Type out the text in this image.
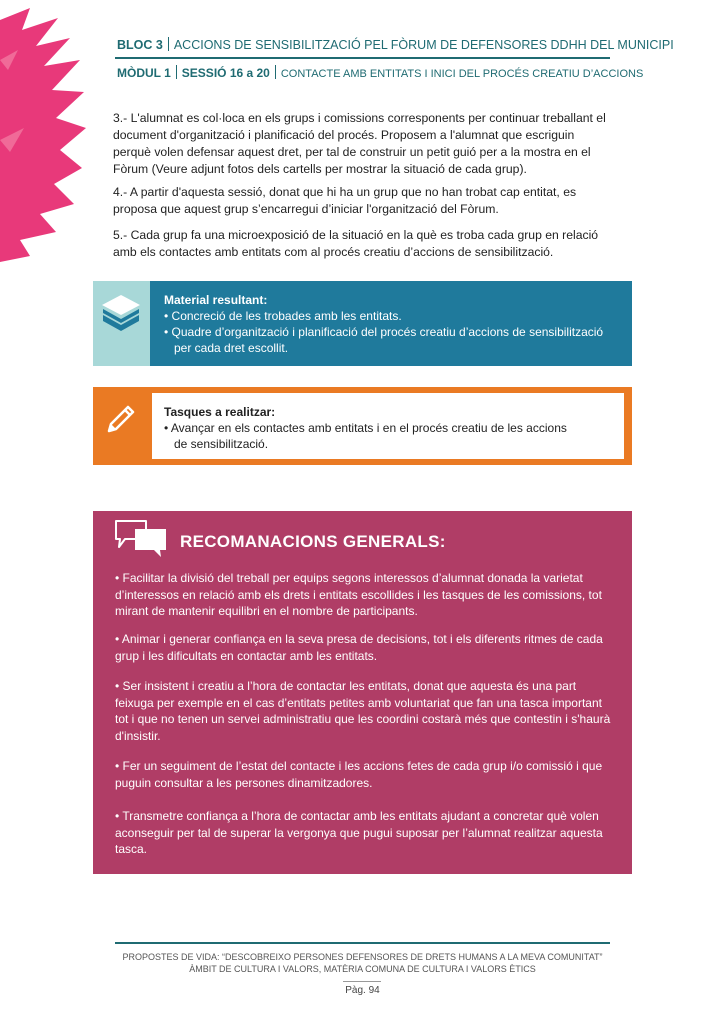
BLOC 3 ACCIONS DE SENSIBILITZACIÓ PEL FÒRUM DE DEFENSORES DDHH DEL MUNICIPI
MÒDUL 1 SESSIÓ 16 a 20 CONTACTE AMB ENTITATS I INICI DEL PROCÉS CREATIU D’ACCIONS

3.- L'alumnat es col·loca en els grups i comissions corresponents per continuar treballant el document d'organització i planificació del procés. Proposem a l'alumnat que escriguin perquè volen defensar aquest dret, per tal de construir un petit guió per a la mostra en el Fòrum (Veure adjunt fotos dels cartells per mostrar la situació de cada grup).

4.- A partir d'aquesta sessió, donat que hi ha un grup que no han trobat cap entitat, es proposa que aquest grup s’encarregui d’iniciar l'organització del Fòrum.

5.- Cada grup fa una microexposició de la situació en la què es troba cada grup en relació amb els contactes amb entitats com al procés creatiu d’accions de sensibilització.

Material resultant:
• Concreció de les trobades amb les entitats.
• Quadre d’organització i planificació del procés creatiu d’accions de sensibilització
per cada dret escollit.
Tasques a realitzar:
• Avançar en els contactes amb entitats i en el procés creatiu de les accions
de sensibilització.
RECOMANACIONS GENERALS:

• Facilitar la divisió del treball per equips segons interessos d’alumnat donada la varietat d’interessos en relació amb els drets i entitats escollides i les tasques de les comissions, tot mirant de mantenir equilibri en el nombre de participants.

• Animar i generar confiança en la seva presa de decisions, tot i els diferents ritmes de cada grup i les dificultats en contactar amb les entitats.

• Ser insistent i creatiu a l’hora de contactar les entitats, donat que aquesta és una part feixuga per exemple en el cas d’entitats petites amb voluntariat que fan una tasca important tot i que no tenen un servei administratiu que les coordini costarà més que contestin i s'haurà d'insistir.

• Fer un seguiment de l’estat del contacte i les accions fetes de cada grup i/o comissió i que puguin consultar a les persones dinamitzadores.

• Transmetre confiança a l’hora de contactar amb les entitats ajudant a concretar què volen aconseguir per tal de superar la vergonya que pugui suposar per l’alumnat realitzar aquesta tasca.

PROPOSTES DE VIDA: “DESCOBREIXO PERSONES DEFENSORES DE DRETS HUMANS A LA MEVA COMUNITAT”
ÀMBIT DE CULTURA I VALORS, MATÈRIA COMUNA DE CULTURA I VALORS ÈTICS
Pàg. 94
